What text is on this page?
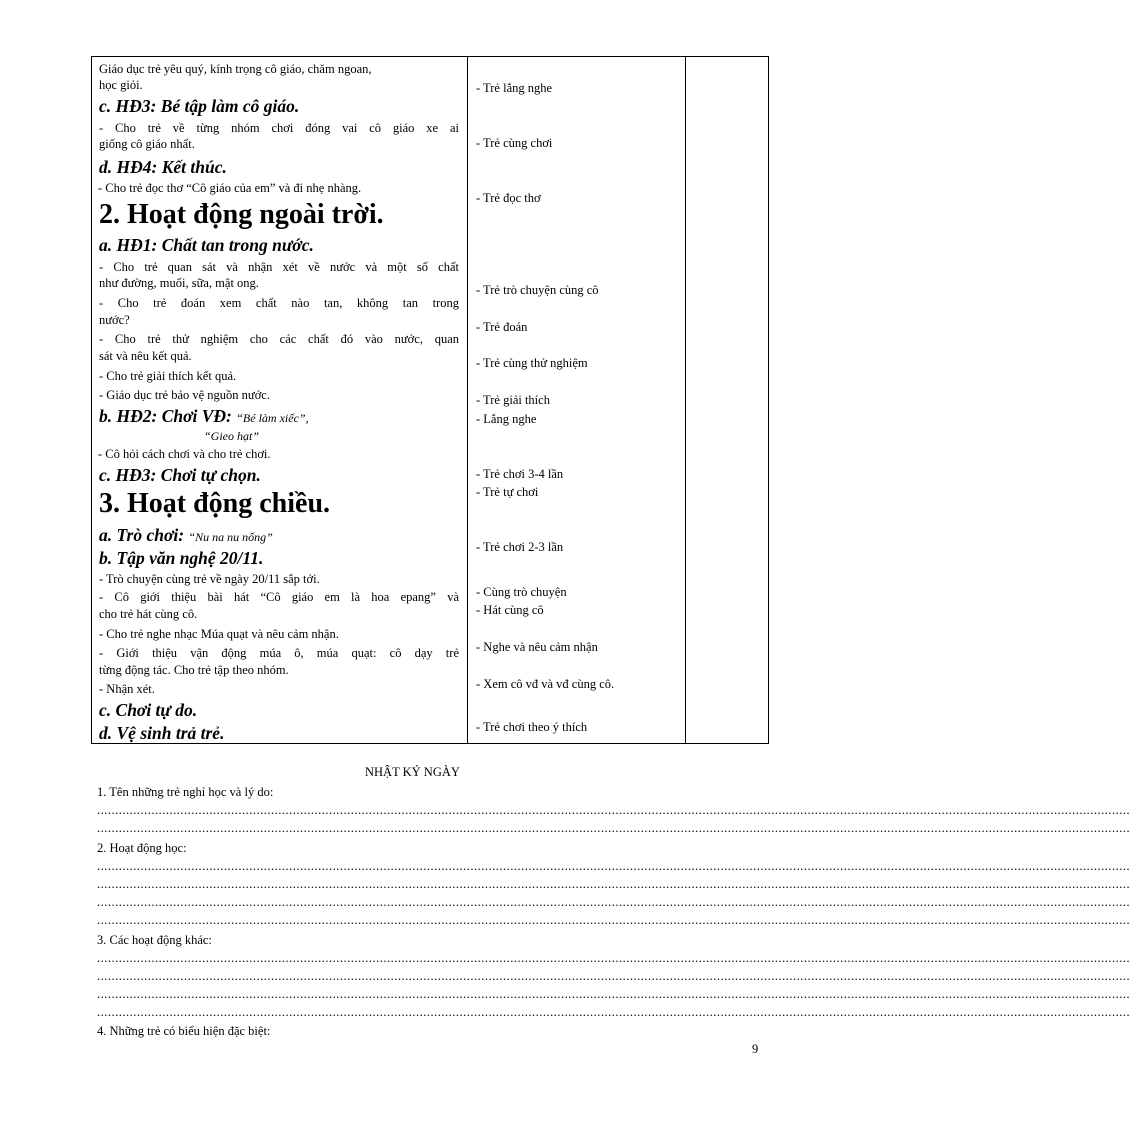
Giáo dục trẻ yêu quý, kính trọng cô giáo, chăm ngoan,
học giỏi.
c. HĐ3: Bé tập làm cô giáo.
- Cho trẻ về từng nhóm chơi đóng vai cô giáo xe ai
giống cô giáo nhất.
d. HĐ4: Kết thúc.
- Cho trẻ đọc thơ “Cô giáo của em” và đi nhẹ nhàng.
2. Hoạt động ngoài trời.
a. HĐ1: Chất tan trong nước.
- Cho trẻ quan sát và nhận xét về nước và một số chất
như đường, muối, sữa, mật ong.
- Cho trẻ đoán xem chất nào tan, không tan trong
nước?
- Cho trẻ thử nghiệm cho các chất đó vào nước, quan
sát và nêu kết quả.
- Cho trẻ giải thích kết quả.
- Giáo dục trẻ bảo vệ nguồn nước.
b. HĐ2: Chơi VĐ: “Bé làm xiếc”,
“Gieo hạt”
- Cô hỏi cách chơi và cho trẻ chơi.
c. HĐ3: Chơi tự chọn.
3. Hoạt động chiều.
a. Trò chơi: “Nu na nu nống”
b. Tập văn nghệ 20/11.
- Trò chuyện cùng trẻ về ngày 20/11 sắp tới.
- Cô giới thiệu bài hát “Cô giáo em là hoa epang” và
cho trẻ hát cùng cô.
- Cho trẻ nghe nhạc Múa quạt và nêu cảm nhận.
- Giới thiệu vận động múa ô, múa quạt: cô dạy trẻ
từng động tác. Cho trẻ tập theo nhóm.
- Nhận xét.
c. Chơi tự do.
d. Vệ sinh trả trẻ.
- Trẻ lắng nghe
- Trẻ cùng chơi
- Trẻ đọc thơ
- Trẻ trò chuyện cùng cô
- Trẻ đoán
- Trẻ cùng thử nghiệm
- Trẻ giải thích
- Lắng nghe
- Trẻ chơi 3-4 lần
- Trẻ tự chơi
- Trẻ chơi 2-3 lần
- Cùng trò chuyện
- Hát cùng cô
- Nghe và nêu cảm nhận
- Xem cô vđ và vđ cùng cô.
- Trẻ chơi theo ý thích
NHẬT KÝ NGÀY
1. Tên những trẻ nghỉ học và lý do:
.............................................................................................................................................................................................................................................................................................
.............................................................................................................................................................................................................................................................................................
2. Hoạt động học:
.............................................................................................................................................................................................................................................................................................
.............................................................................................................................................................................................................................................................................................
.............................................................................................................................................................................................................................................................................................
.............................................................................................................................................................................................................................................................................................
3. Các hoạt động khác:
.............................................................................................................................................................................................................................................................................................
.............................................................................................................................................................................................................................................................................................
.............................................................................................................................................................................................................................................................................................
.............................................................................................................................................................................................................................................................................................
4. Những trẻ có biểu hiện đặc biệt:
9
